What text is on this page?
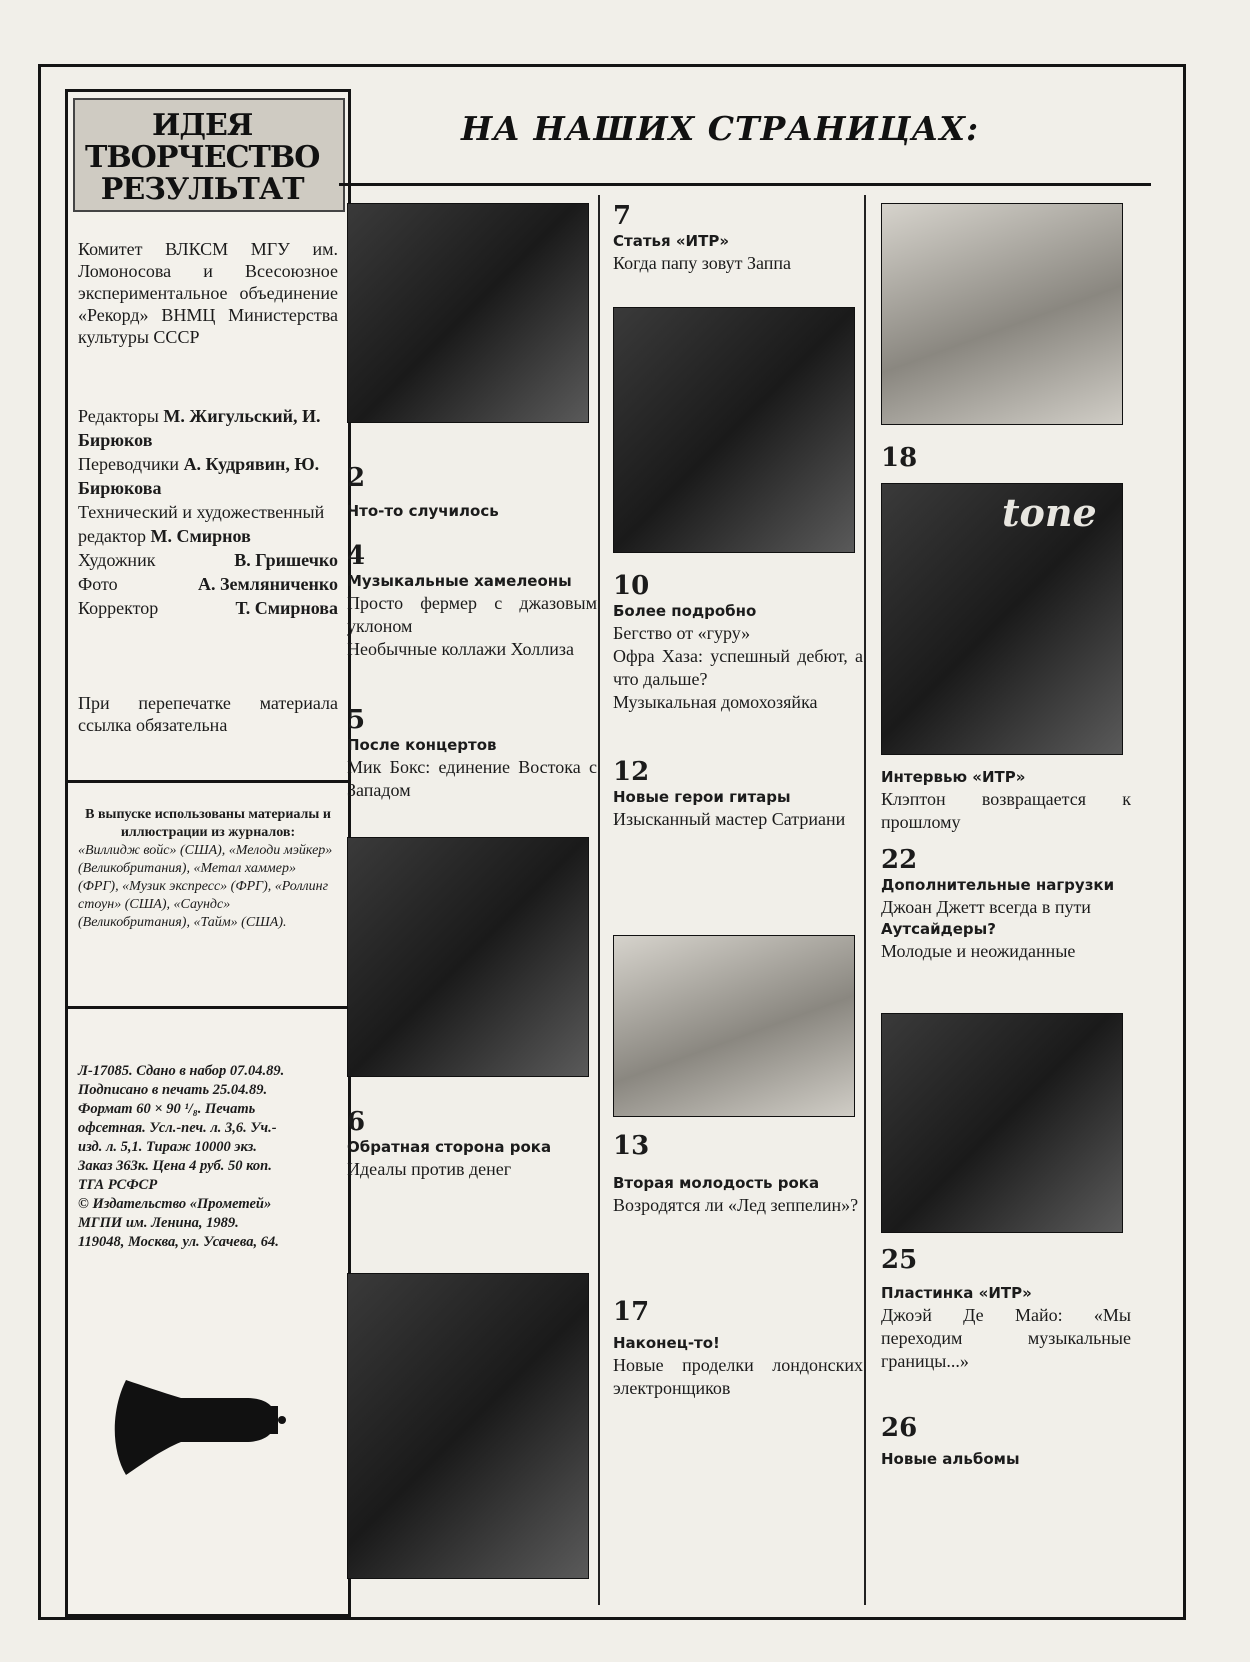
ИДЕЯ
ТВОРЧЕСТВО
РЕЗУЛЬТАТ

Комитет ВЛКСМ МГУ им. Ломоносова и Всесоюзное экспериментальное объединение «Рекорд» ВНМЦ Министерства культуры СССР

Редакторы М. Жигульский, И. Бирюков
Переводчики А. Кудрявин, Ю. Бирюкова
Технический и художественный редактор М. Смирнов
Художник	В. Гришечко
Фото	А. Земляниченко
Корректор	Т. Смирнова

При перепечатке материала ссылка обязательна

В выпуске использованы материалы и иллюстрации из журналов:
«Виллидж войс» (США), «Мелоди мэйкер» (Великобритания), «Метал хаммер» (ФРГ), «Музик экспресс» (ФРГ), «Роллинг стоун» (США), «Саундс» (Великобритания), «Тайм» (США).
Л-17085. Сдано в набор 07.04.89.
Подписано в печать 25.04.89.
Формат 60 × 90 ¹/₈. Печать
офсетная. Усл.-печ. л. 3,6. Уч.-
изд. л. 5,1. Тираж 10000 экз.
Заказ 363к. Цена 4 руб. 50 коп.
ТГА РСФСР
© Издательство «Прометей»
МГПИ им. Ленина, 1989.
119048, Москва, ул. Усачева, 64.
НА НАШИХ СТРАНИЦАХ:
2
Что-то случилось
4
Музыкальные хамелеоны
Просто фермер с джазовым уклоном
Необычные коллажи Холлиза
5
После концертов
Мик Бокс: единение Востока с Западом
6
Обратная сторона рока
Идеалы против денег
7
Статья «ИТР»
Когда папу зовут Заппа
10
Более подробно
Бегство от «гуру»
Офра Хаза: успешный дебют, а что дальше?
Музыкальная домохозяйка
12
Новые герои гитары
Изысканный мастер Сатриани
13
Вторая молодость рока
Возродятся ли «Лед зеппелин»?
17
Наконец-то!
Новые проделки лондонских электронщиков
18
tone
Интервью «ИТР»
Клэптон возвращается к прошлому
22
Дополнительные нагрузки
Джоан Джетт всегда в пути
Аутсайдеры?
Молодые и неожиданные
25
Пластинка «ИТР»
Джоэй Де Майо: «Мы переходим музыкальные границы...»
26
Новые альбомы
